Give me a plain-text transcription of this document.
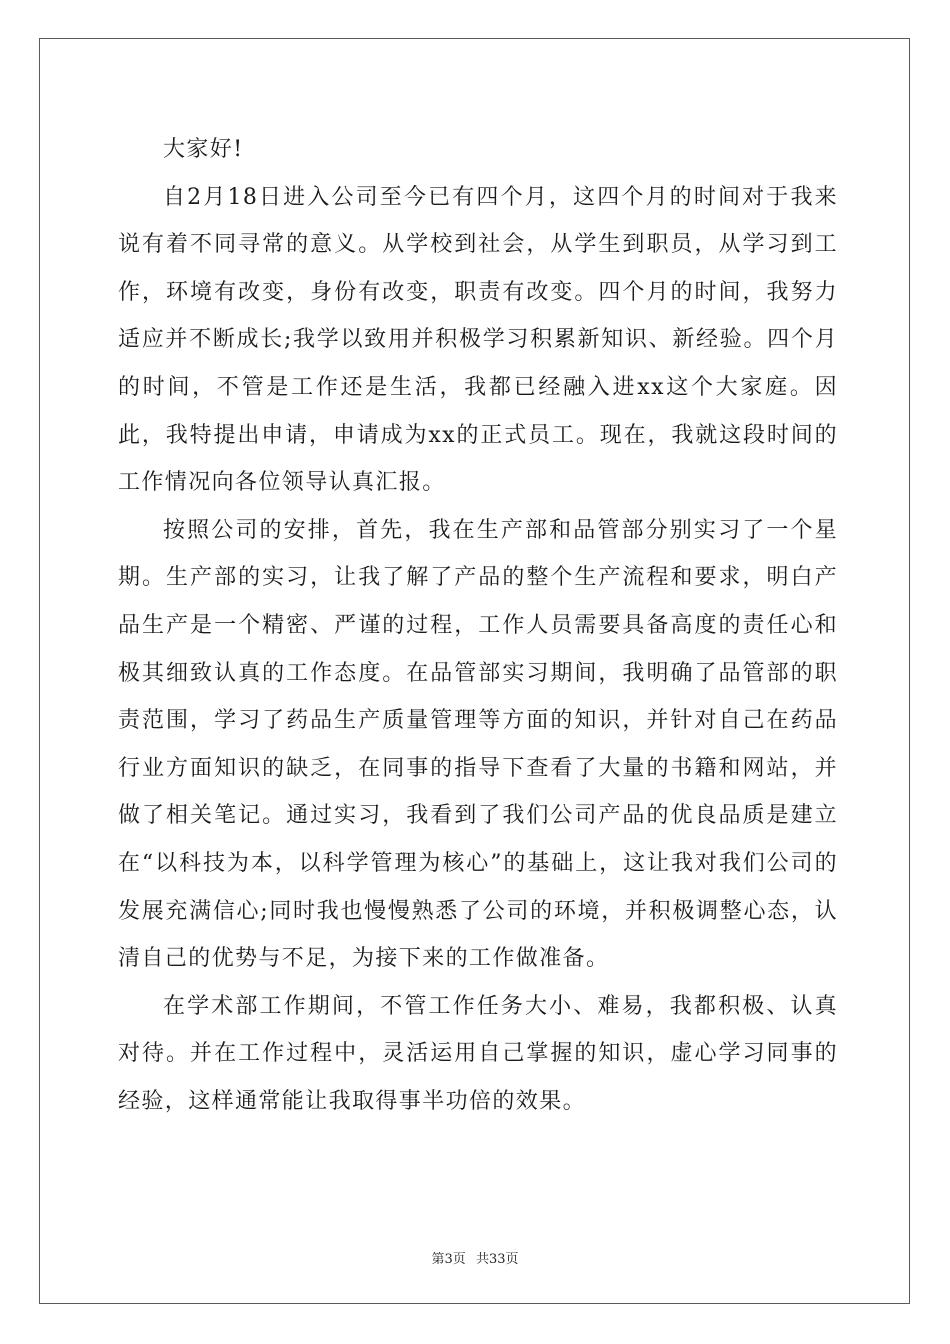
大家好!

自2月18日进入公司至今已有四个月，这四个月的时间对于我来说有着不同寻常的意义。从学校到社会，从学生到职员，从学习到工作，环境有改变，身份有改变，职责有改变。四个月的时间，我努力适应并不断成长;我学以致用并积极学习积累新知识、新经验。四个月的时间，不管是工作还是生活，我都已经融入进xx这个大家庭。因此，我特提出申请，申请成为xx的正式员工。现在，我就这段时间的工作情况向各位领导认真汇报。

按照公司的安排，首先，我在生产部和品管部分别实习了一个星期。生产部的实习，让我了解了产品的整个生产流程和要求，明白产品生产是一个精密、严谨的过程，工作人员需要具备高度的责任心和极其细致认真的工作态度。在品管部实习期间，我明确了品管部的职责范围，学习了药品生产质量管理等方面的知识，并针对自己在药品行业方面知识的缺乏，在同事的指导下查看了大量的书籍和网站，并做了相关笔记。通过实习，我看到了我们公司产品的优良品质是建立在“以科技为本，以科学管理为核心”的基础上，这让我对我们公司的发展充满信心;同时我也慢慢熟悉了公司的环境，并积极调整心态，认清自己的优势与不足，为接下来的工作做准备。

在学术部工作期间，不管工作任务大小、难易，我都积极、认真对待。并在工作过程中，灵活运用自己掌握的知识，虚心学习同事的经验，这样通常能让我取得事半功倍的效果。

第3页 共33页
